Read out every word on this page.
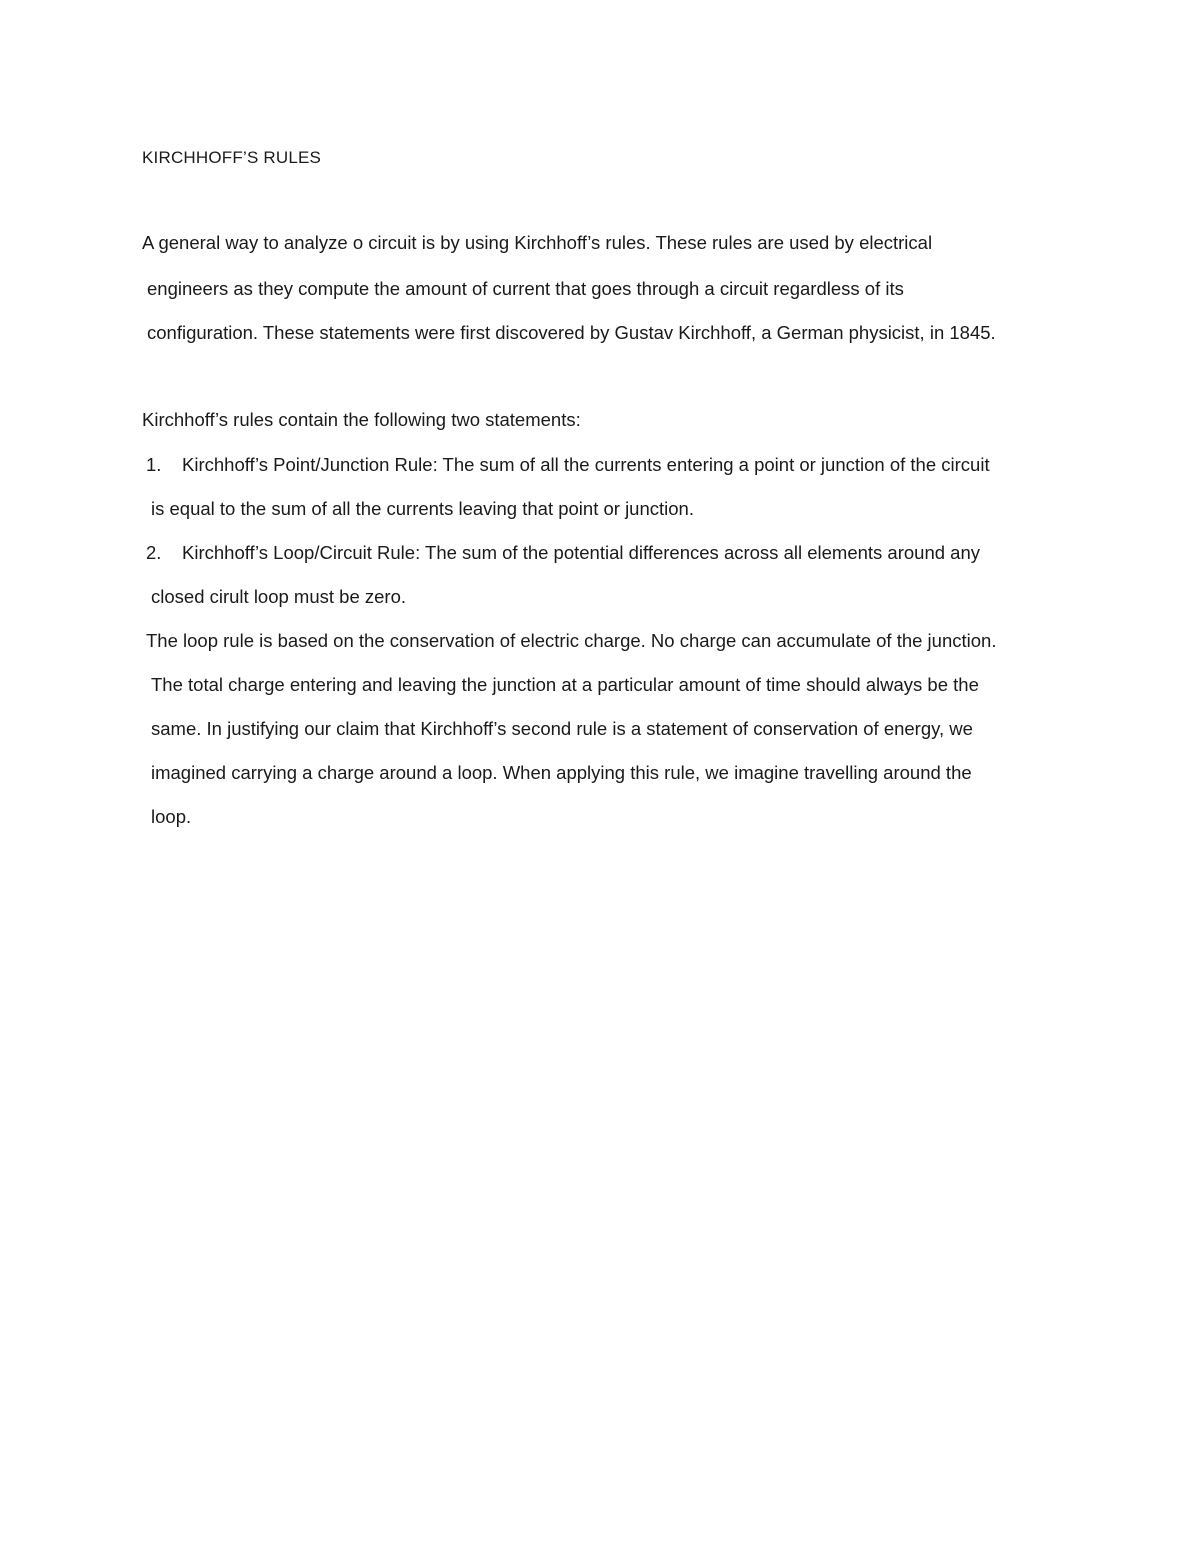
KIRCHHOFF’S RULES
A general way to analyze o circuit is by using Kirchhoff’s rules. These rules are used by electrical
engineers as they compute the amount of current that goes through a circuit regardless of its
configuration. These statements were first discovered by Gustav Kirchhoff, a German physicist, in 1845.
Kirchhoff’s rules contain the following two statements:
1. Kirchhoff’s Point/Junction Rule: The sum of all the currents entering a point or junction of the circuit
is equal to the sum of all the currents leaving that point or junction.
2. Kirchhoff’s Loop/Circuit Rule: The sum of the potential differences across all elements around any
closed cirult loop must be zero.
The loop rule is based on the conservation of electric charge. No charge can accumulate of the junction.
The total charge entering and leaving the junction at a particular amount of time should always be the
same. In justifying our claim that Kirchhoff’s second rule is a statement of conservation of energy, we
imagined carrying a charge around a loop. When applying this rule, we imagine travelling around the
loop.
